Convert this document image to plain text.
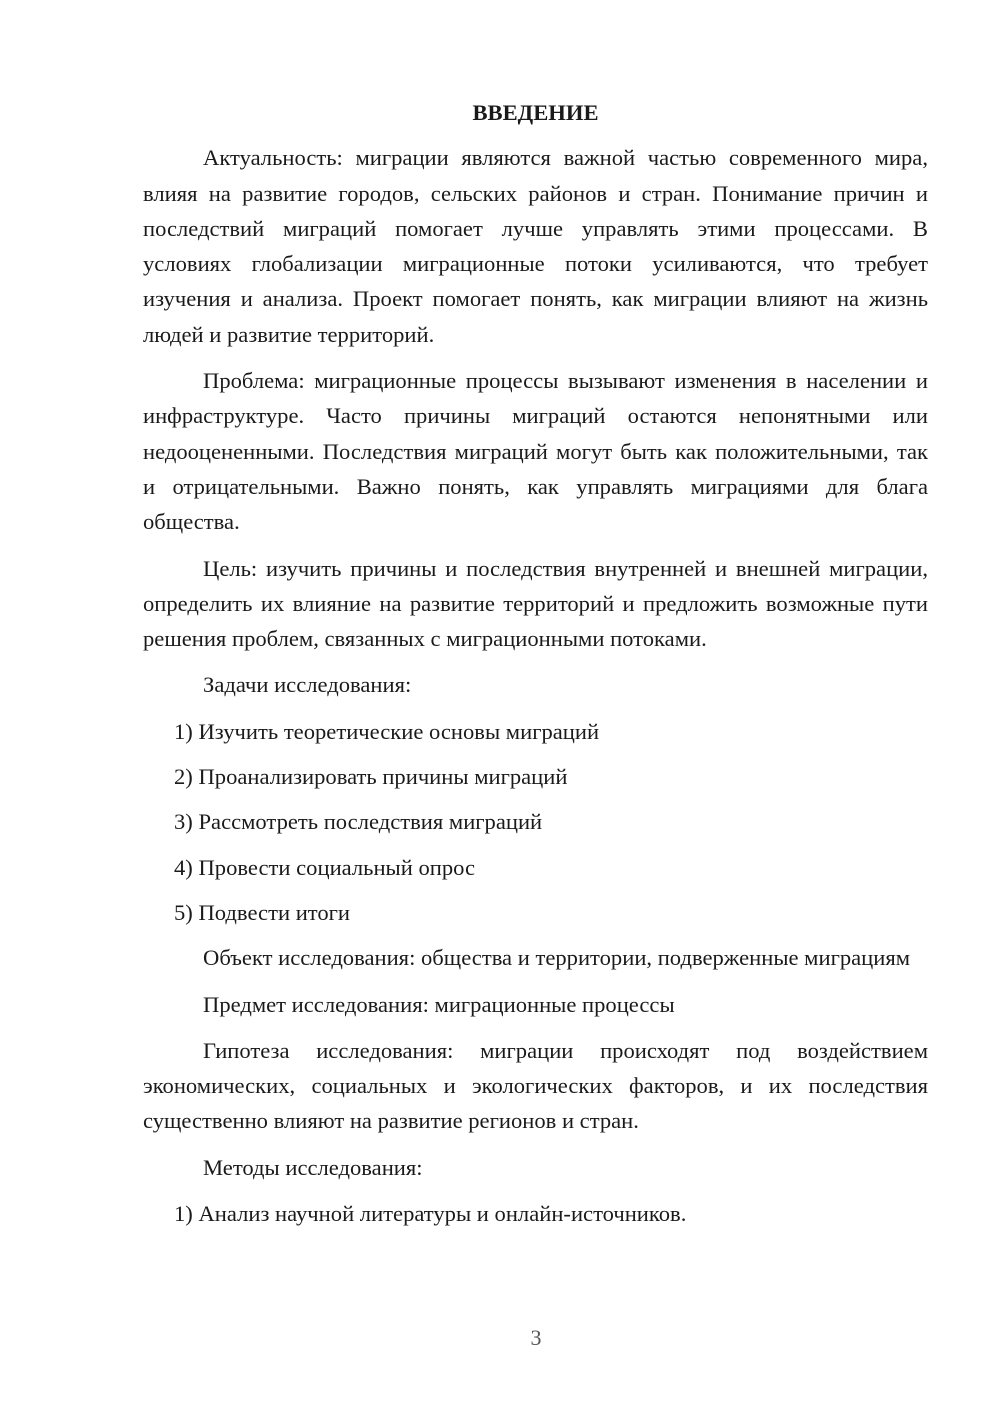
ВВЕДЕНИЕ

Актуальность: миграции являются важной частью современного мира, влияя на развитие городов, сельских районов и стран. Понимание причин и последствий миграций помогает лучше управлять этими процессами. В условиях глобализации миграционные потоки усиливаются, что требует изучения и анализа. Проект помогает понять, как миграции влияют на жизнь людей и развитие территорий.

Проблема: миграционные процессы вызывают изменения в населении и инфраструктуре. Часто причины миграций остаются непонятными или недооцененными. Последствия миграций могут быть как положительными, так и отрицательными. Важно понять, как управлять миграциями для блага общества.

Цель: изучить причины и последствия внутренней и внешней миграции, определить их влияние на развитие территорий и предложить возможные пути решения проблем, связанных с миграционными потоками.

Задачи исследования:

1) Изучить теоретические основы миграций
2) Проанализировать причины миграций
3) Рассмотреть последствия миграций
4) Провести социальный опрос
5) Подвести итоги

Объект исследования: общества и территории, подверженные миграциям

Предмет исследования: миграционные процессы

Гипотеза исследования: миграции происходят под воздействием экономических, социальных и экологических факторов, и их последствия существенно влияют на развитие регионов и стран.

Методы исследования:

1) Анализ научной литературы и онлайн-источников.
3
